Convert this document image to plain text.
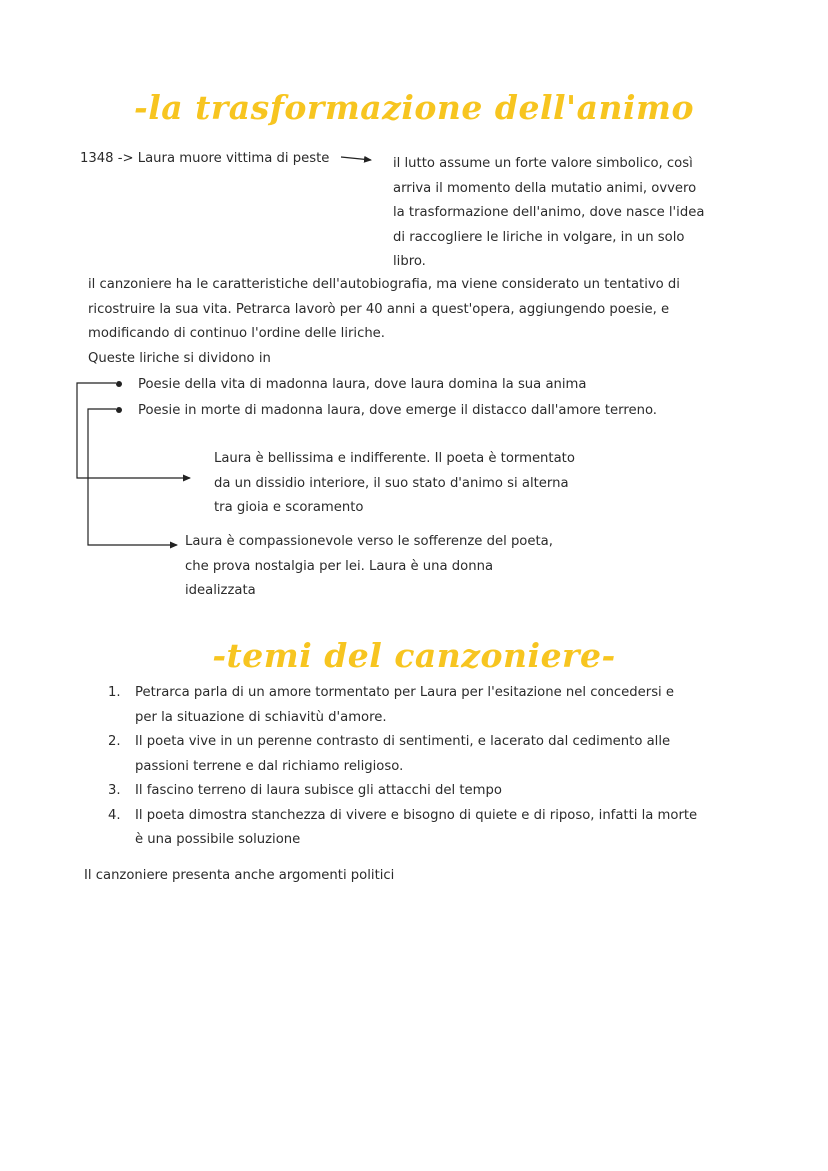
-la trasformazione dell'animo
1348 -> Laura muore vittima di peste	il lutto assume un forte valore simbolico, così
arriva il momento della mutatio animi, ovvero
la trasformazione dell'animo, dove nasce l'idea
di raccogliere le liriche in volgare, in un solo
libro.
il canzoniere ha le caratteristiche dell'autobiografia, ma viene considerato un tentativo di
ricostruire la sua vita. Petrarca lavorò per 40 anni a quest'opera, aggiungendo poesie, e
modificando di continuo l'ordine delle liriche.
Queste liriche si dividono in
Poesie della vita di madonna laura, dove laura domina la sua anima
Poesie in morte di madonna laura, dove emerge il distacco dall'amore terreno.
Laura è bellissima e indifferente. Il poeta è tormentato
da un dissidio interiore, il suo stato d'animo si alterna
tra gioia e scoramento
Laura è compassionevole verso le sofferenze del poeta,
che prova nostalgia per lei. Laura è una donna
idealizzata
-temi del canzoniere-
1. Petrarca parla di un amore tormentato per Laura per l'esitazione nel concedersi e
per la situazione di schiavitù d'amore.
2. Il poeta vive in un perenne contrasto di sentimenti, e lacerato dal cedimento alle
passioni terrene e dal richiamo religioso.
3. Il fascino terreno di laura subisce gli attacchi del tempo
4. Il poeta dimostra stanchezza di vivere e bisogno di quiete e di riposo, infatti la morte
è una possibile soluzione
Il canzoniere presenta anche argomenti politici
